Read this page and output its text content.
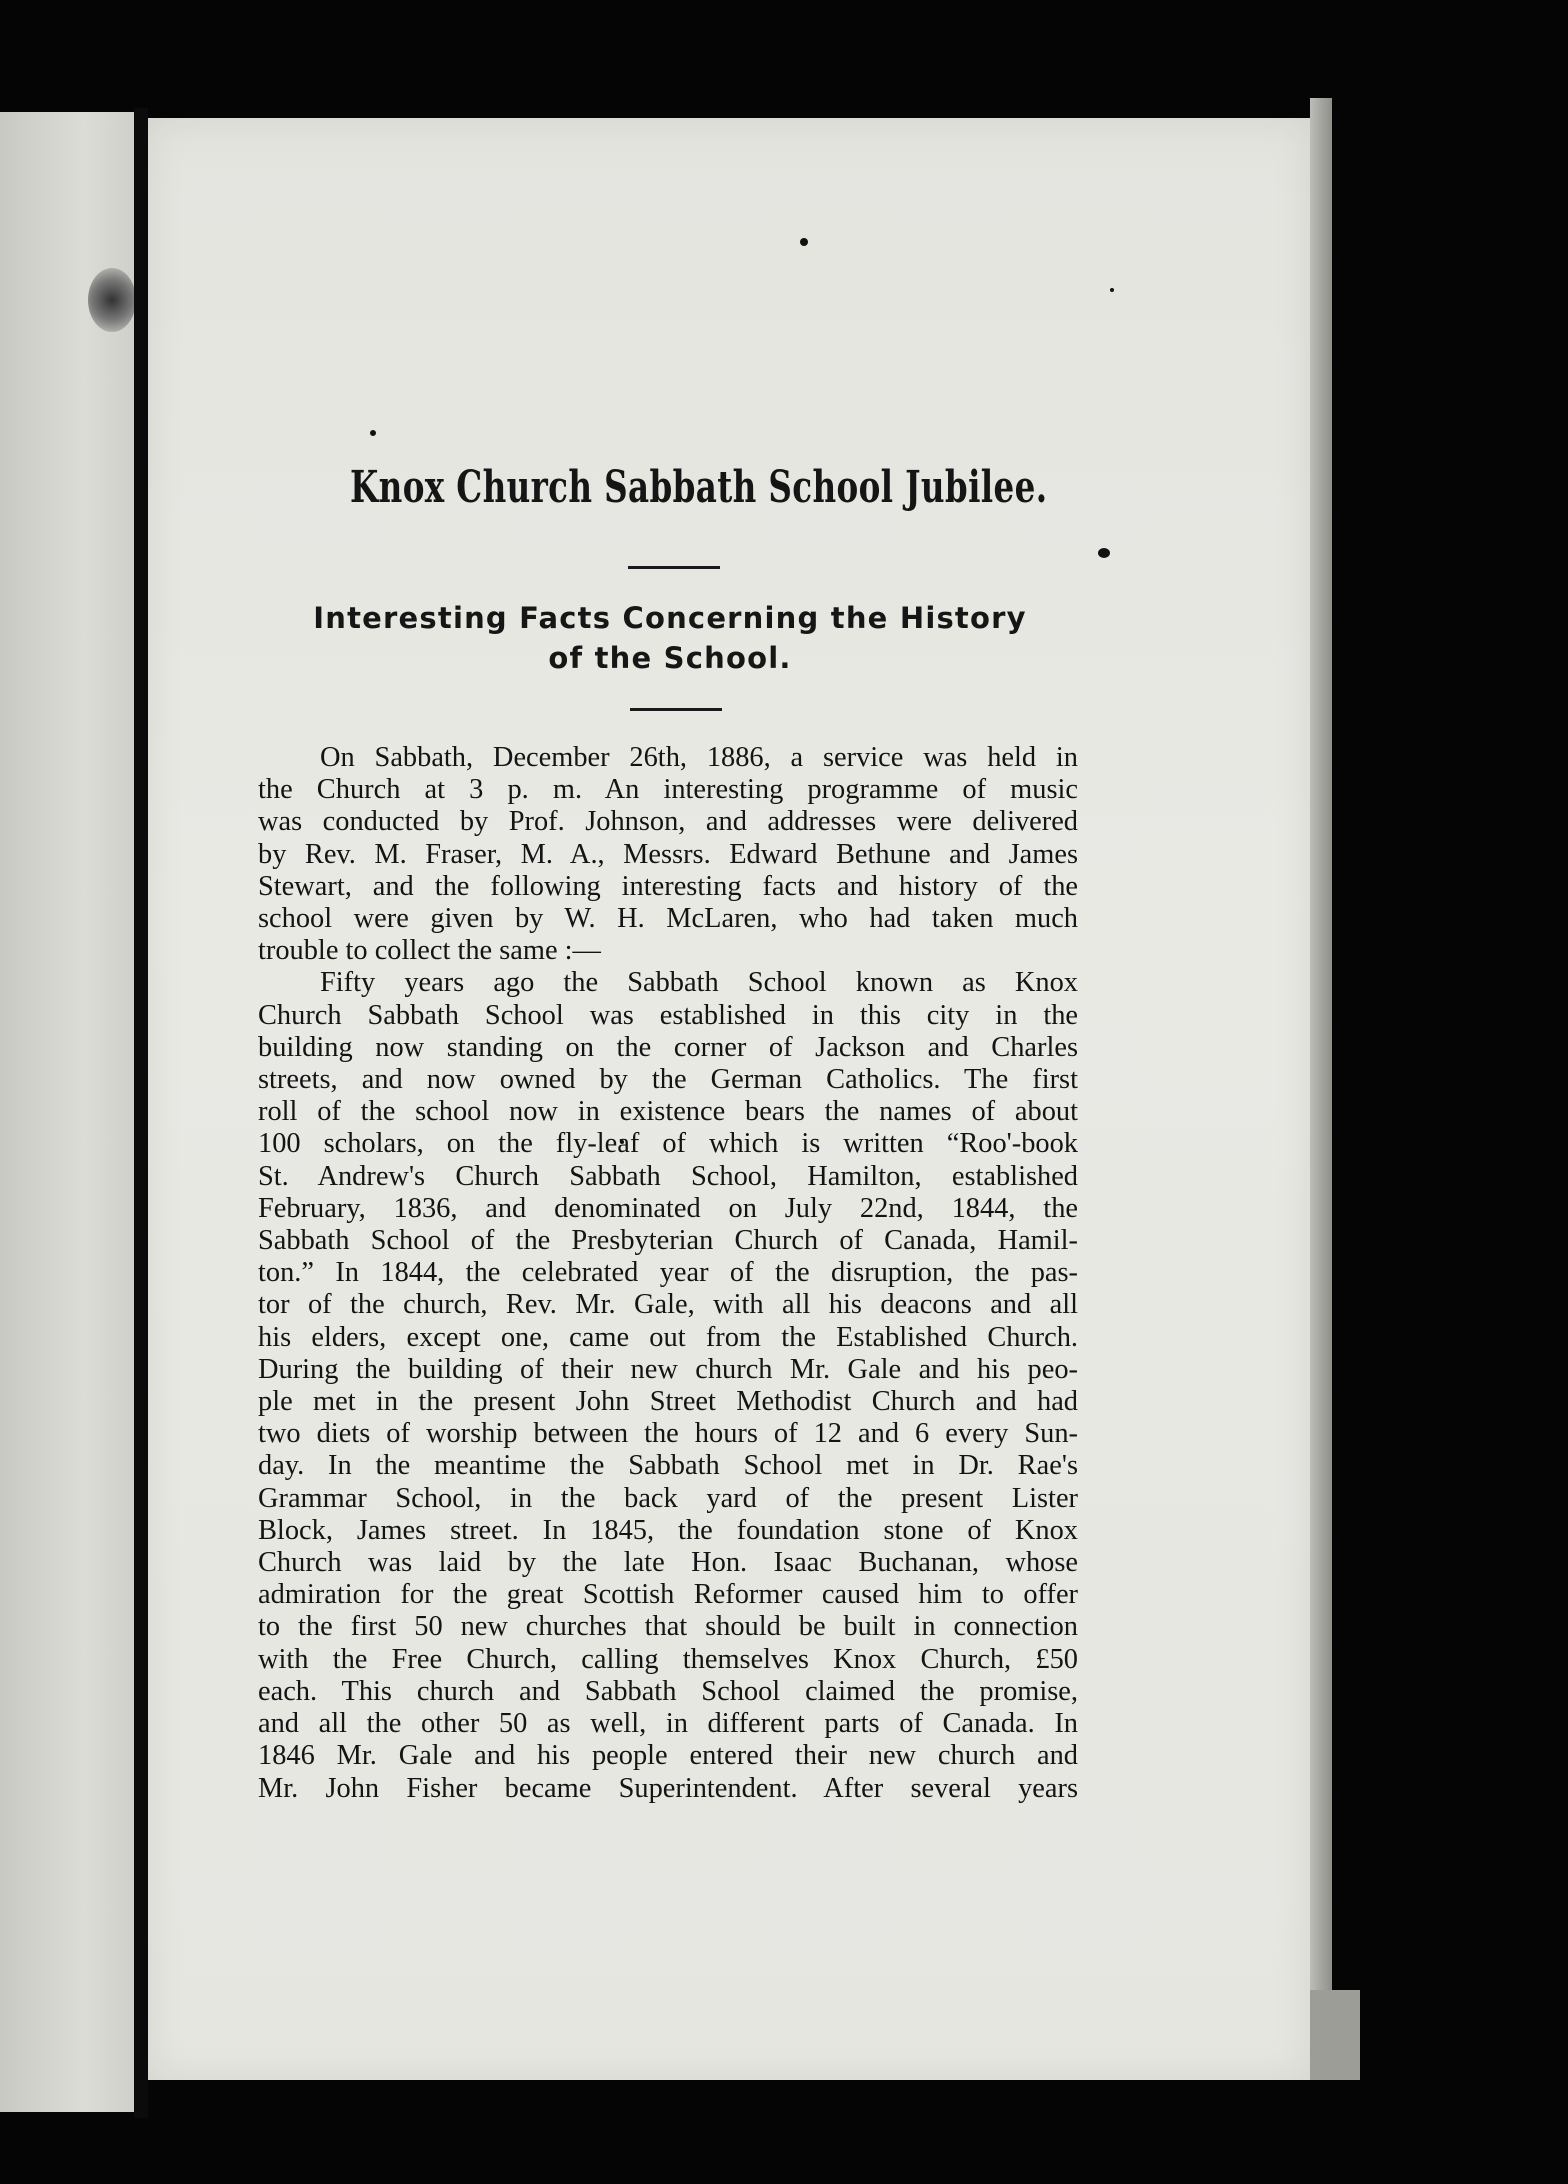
Knox Church Sabbath School Jubilee.
Interesting Facts Concerning the History
of the School.

On Sabbath, December 26th, 1886, a service was held in
the Church at 3 p. m. An interesting programme of music
was conducted by Prof. Johnson, and addresses were delivered
by Rev. M. Fraser, M. A., Messrs. Edward Bethune and James
Stewart, and the following interesting facts and history of the
school were given by W. H. McLaren, who had taken much
trouble to collect the same :—

Fifty years ago the Sabbath School known as Knox
Church Sabbath School was established in this city in the
building now standing on the corner of Jackson and Charles
streets, and now owned by the German Catholics. The first
roll of the school now in existence bears the names of about
100 scholars, on the fly-leaf of which is written “Roo'-book
St. Andrew's Church Sabbath School, Hamilton, established
February, 1836, and denominated on July 22nd, 1844, the
Sabbath School of the Presbyterian Church of Canada, Hamil-
ton.” In 1844, the celebrated year of the disruption, the pas-
tor of the church, Rev. Mr. Gale, with all his deacons and all
his elders, except one, came out from the Established Church.
During the building of their new church Mr. Gale and his peo-
ple met in the present John Street Methodist Church and had
two diets of worship between the hours of 12 and 6 every Sun-
day. In the meantime the Sabbath School met in Dr. Rae's
Grammar School, in the back yard of the present Lister
Block, James street. In 1845, the foundation stone of Knox
Church was laid by the late Hon. Isaac Buchanan, whose
admiration for the great Scottish Reformer caused him to offer
to the first 50 new churches that should be built in connection
with the Free Church, calling themselves Knox Church, £50
each. This church and Sabbath School claimed the promise,
and all the other 50 as well, in different parts of Canada. In
1846 Mr. Gale and his people entered their new church and
Mr. John Fisher became Superintendent. After several years
